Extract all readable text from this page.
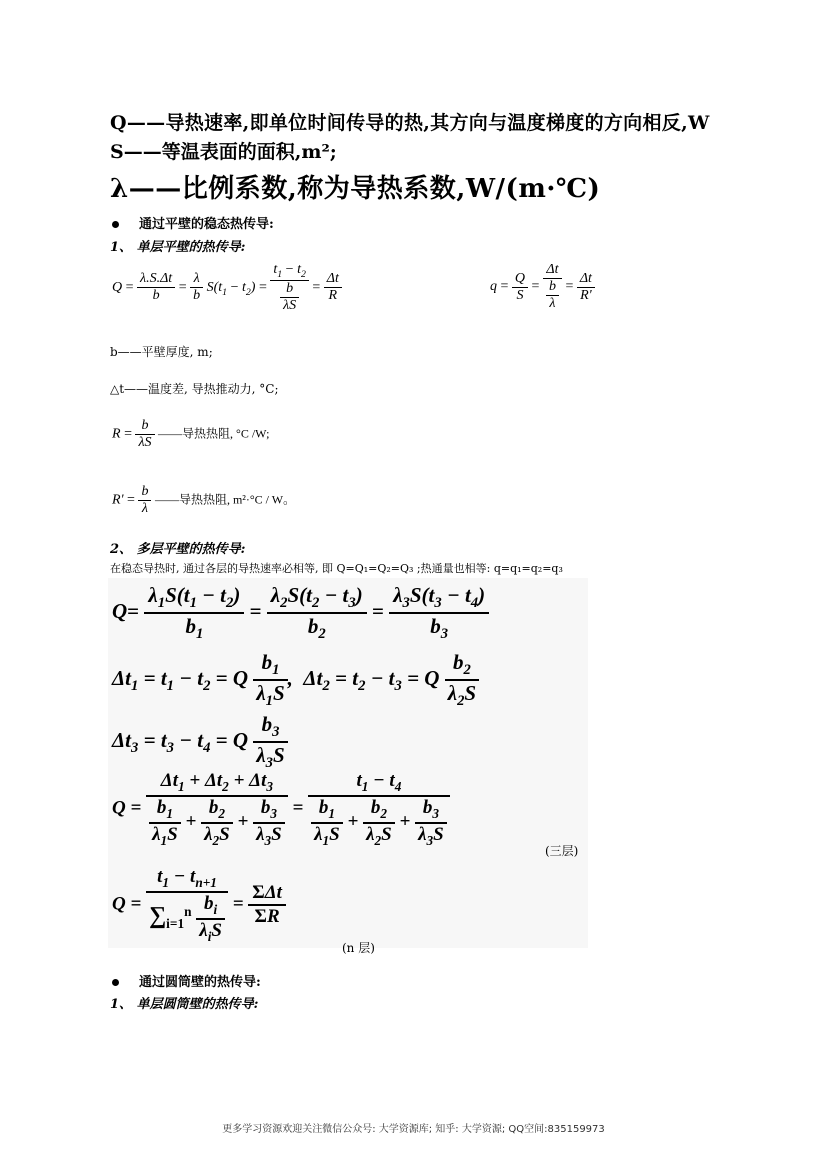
Q——导热速率,即单位时间传导的热,其方向与温度梯度的方向相反,W
S——等温表面的面积,m²;
λ——比例系数,称为导热系数,W/(m·℃)
通过平壁的稳态热传导:
1、 单层平壁的热传导:
$Q = \frac{\lambda.S.\Delta t}{b} = \frac{\lambda}{b} S(t_1 - t_2) = \frac{t_1 - t_2}{\frac{b}{\lambda S}} = \frac{\Delta t}{R}$	$q = \frac{Q}{S} = \frac{\Delta t}{\frac{b}{\lambda}} = \frac{\Delta t}{R'}$
b——平壁厚度, m;
△t——温度差, 导热推动力, °C;
$R = \frac{b}{\lambda S}$ ——导热热阻, °C /W;
$R' = \frac{b}{\lambda}$ ——导热热阻, m²·°C / W。
2、 多层平壁的热传导:
在稳态导热时, 通过各层的导热速率必相等, 即 Q=Q₁=Q₂=Q₃ ;热通量也相等: q=q₁=q₂=q₃
$Q= \frac{\lambda_1S(t_1 - t_2)}{b_1} = \frac{\lambda_2S(t_2 - t_3)}{b_2} = \frac{\lambda_3S(t_3 - t_4)}{b_3}$
$\Delta t_1 = t_1 - t_2 = Q \frac{b_1}{\lambda_1S}$ ,  $\Delta t_2 = t_2 - t_3 = Q \frac{b_2}{\lambda_2S}$
$\Delta t_3 = t_3 - t_4 = Q \frac{b_3}{\lambda_3S}$
$Q = \frac{\Delta t_1 + \Delta t_2 + \Delta t_3}{\frac{b_1}{\lambda_1S} + \frac{b_2}{\lambda_2S} + \frac{b_3}{\lambda_3S}} = \frac{t_1 - t_4}{\frac{b_1}{\lambda_1S} + \frac{b_2}{\lambda_2S} + \frac{b_3}{\lambda_3S}}$
(三层)
$Q = \frac{t_1 - t_{n+1}}{\sum_{i=1}^n \frac{b_i}{\lambda_iS}} = \frac{\text{ΣΔt}}{\Sigma R}$
(n 层)
通过圆筒壁的热传导:
1、 单层圆筒壁的热传导:
更多学习资源欢迎关注微信公众号: 大学资源库; 知乎: 大学资源; QQ空间:835159973
